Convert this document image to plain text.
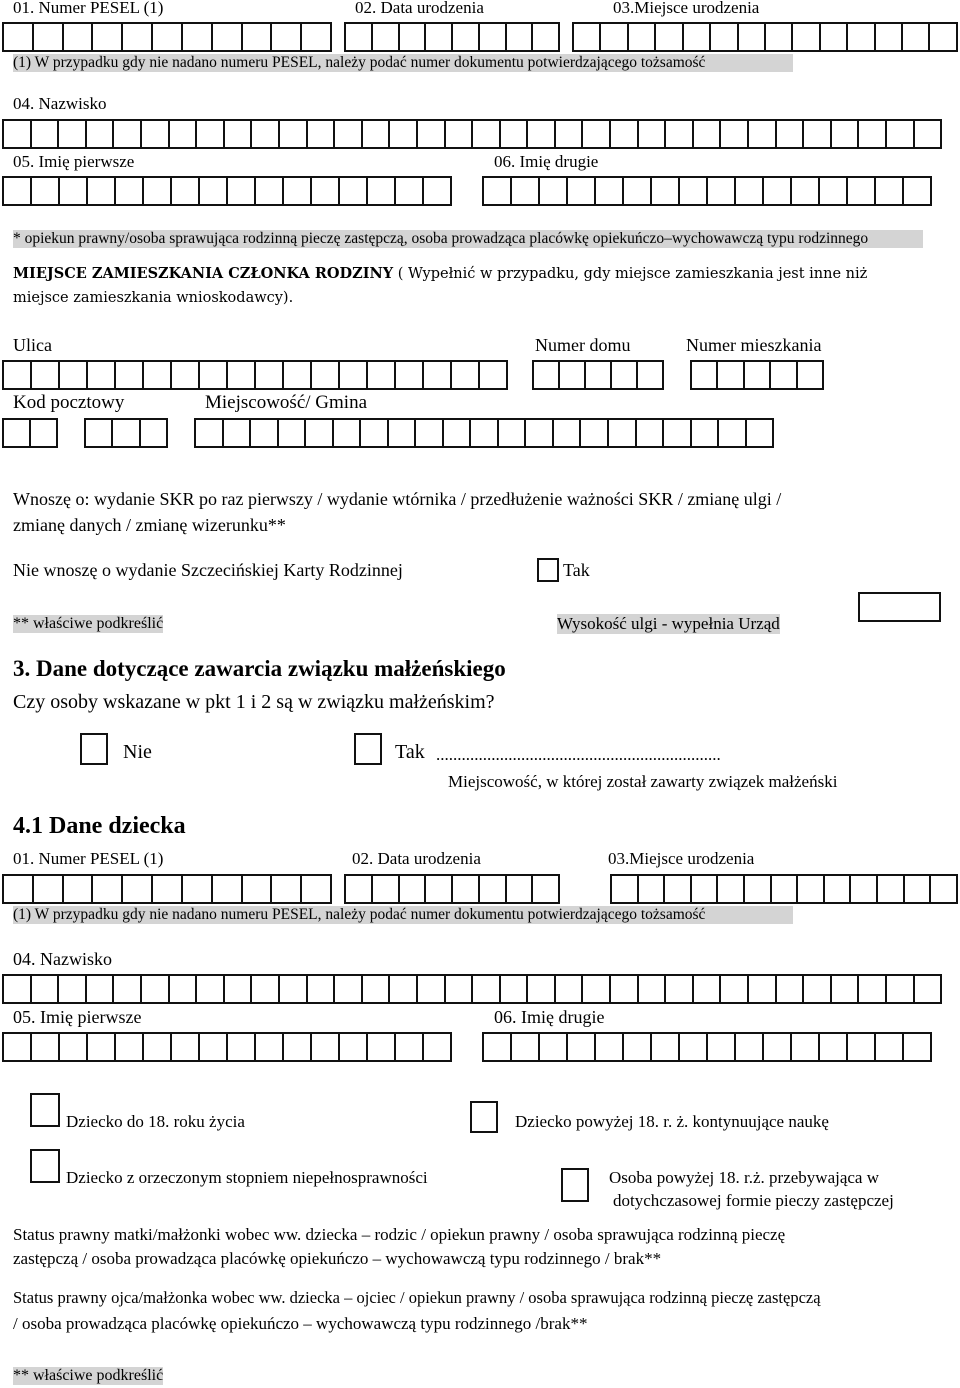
01. Numer PESEL (1)	02. Data urodzenia	03.Miejsce urodzenia
(1) W przypadku gdy nie nadano numeru PESEL, należy podać numer dokumentu potwierdzającego tożsamość
04. Nazwisko
05. Imię pierwsze	06. Imię drugie
* opiekun prawny/osoba sprawująca rodzinną pieczę zastępczą, osoba prowadząca placówkę opiekuńczo–wychowawczą typu rodzinnego
MIEJSCE ZAMIESZKANIA CZŁONKA RODZINY ( Wypełnić w przypadku, gdy miejsce zamieszkania jest inne niż
miejsce zamieszkania wnioskodawcy).
Ulica	Numer domu	Numer mieszkania
Kod pocztowy	Miejscowość/ Gmina
Wnoszę o: wydanie SKR po raz pierwszy / wydanie wtórnika / przedłużenie ważności SKR / zmianę ulgi /
zmianę danych / zmianę wizerunku**
Nie wnoszę o wydanie Szczecińskiej Karty Rodzinnej	Tak
** właściwe podkreślić	Wysokość ulgi - wypełnia Urząd
3. Dane dotyczące zawarcia związku małżeńskiego
Czy osoby wskazane w pkt 1 i 2 są w związku małżeńskim?
Nie	Tak ...................................................................
Miejscowość, w której został zawarty związek małżeński
4.1 Dane dziecka
01. Numer PESEL (1)	02. Data urodzenia	03.Miejsce urodzenia
(1) W przypadku gdy nie nadano numeru PESEL, należy podać numer dokumentu potwierdzającego tożsamość
04. Nazwisko
05. Imię pierwsze	06. Imię drugie
Dziecko do 18. roku życia	Dziecko powyżej 18. r. ż. kontynuujące naukę
Dziecko z orzeczonym stopniem niepełnosprawności	Osoba powyżej 18. r.ż. przebywająca w
dotychczasowej formie pieczy zastępczej
Status prawny matki/małżonki wobec ww. dziecka – rodzic / opiekun prawny / osoba sprawująca rodzinną pieczę
zastępczą / osoba prowadząca placówkę opiekuńczo – wychowawczą typu rodzinnego / brak**
Status prawny ojca/małżonka wobec ww. dziecka – ojciec / opiekun prawny / osoba sprawująca rodzinną pieczę zastępczą
/ osoba prowadząca placówkę opiekuńczo – wychowawczą typu rodzinnego /brak**
** właściwe podkreślić
